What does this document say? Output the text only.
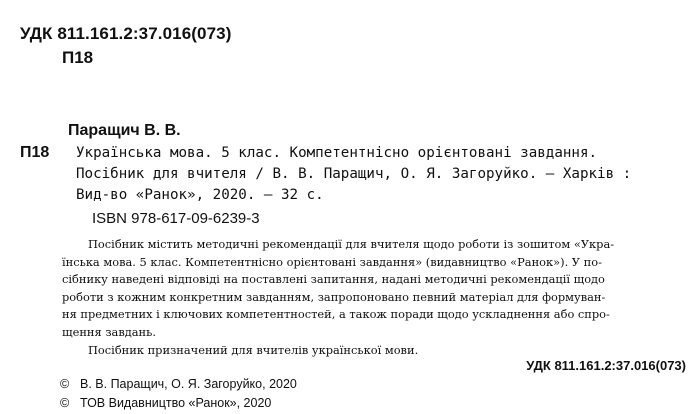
УДК 811.161.2:37.016(073)
П18
Паращич В. В.
П18 Українська мова. 5 клас. Компетентнісно орієнтовані завдання.
Посібник для вчителя / В. В. Паращич, О. Я. Загоруйко. — Харків :
Вид-во «Ранок», 2020. — 32 с.
ISBN 978-617-09-6239-3
Посібник містить методичні рекомендації для вчителя щодо роботи із зошитом «Укра-
їнська мова. 5 клас. Компетентнісно орієнтовані завдання» (видавництво «Ранок»). У по-
сібнику наведені відповіді на поставлені запитання, надані методичні рекомендації щодо
роботи з кожним конкретним завданням, запропоновано певний матеріал для формуван-
ня предметних і ключових компетентностей, а також поради щодо ускладнення або спро-
щення завдань.
Посібник призначений для вчителів української мови.
УДК 811.161.2:37.016(073)
© В. В. Паращич, О. Я. Загоруйко, 2020
© ТОВ Видавництво «Ранок», 2020
